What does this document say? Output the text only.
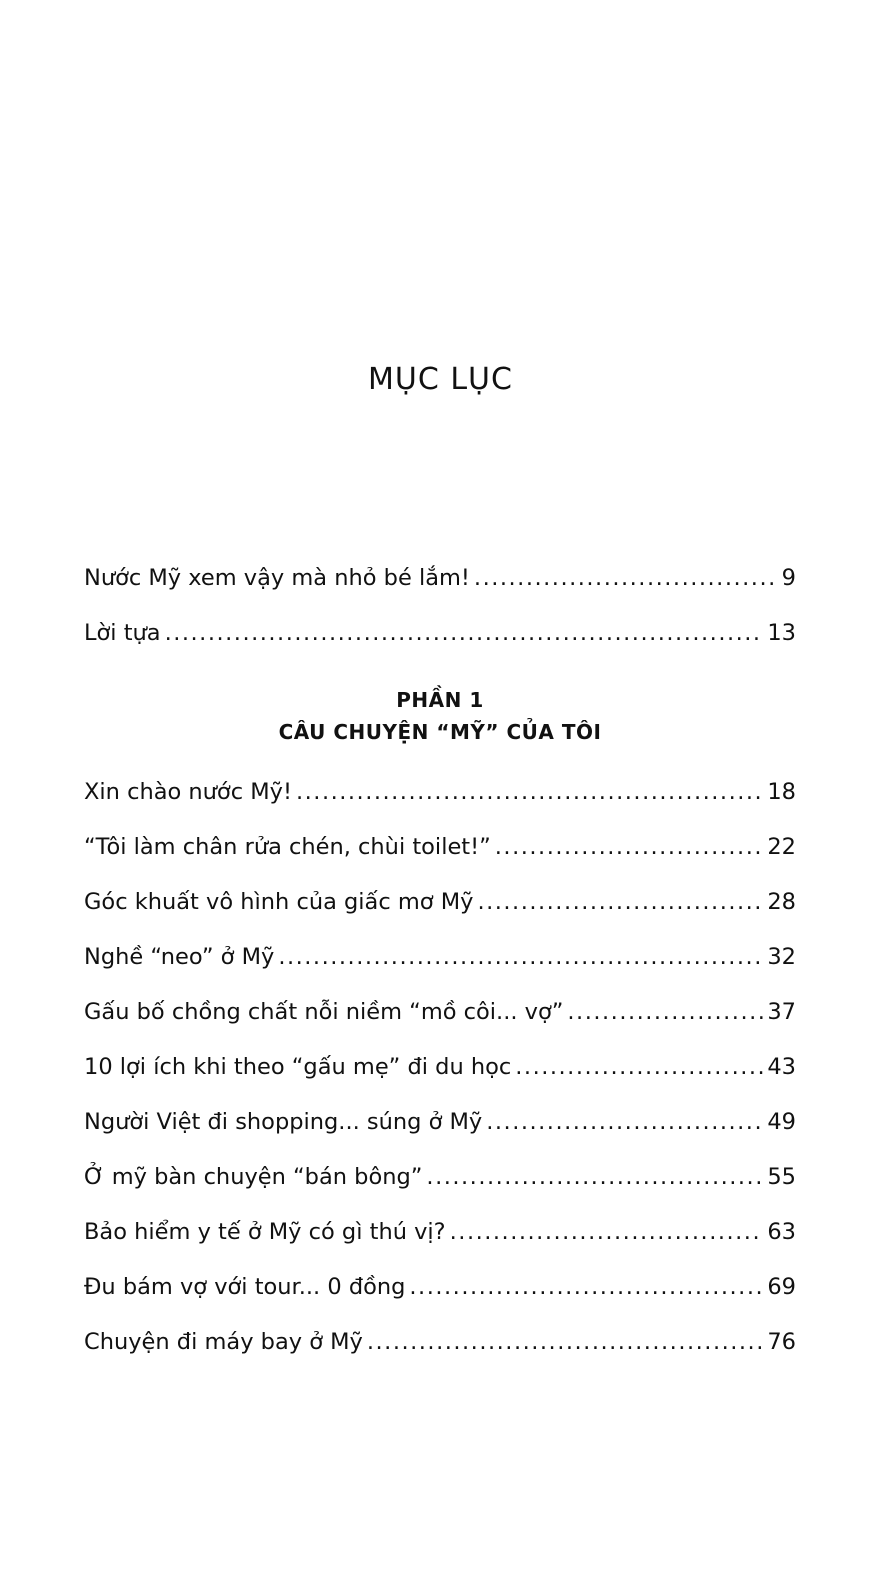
MỤC LỤC
Nước Mỹ xem vậy mà nhỏ bé lắm! .....	9
Lời tựa .....	13
PHẦN 1
CÂU CHUYỆN “MỸ” CỦA TÔI
Xin chào nước Mỹ! .....	18
“Tôi làm chân rửa chén, chùi toilet!” .....	22
Góc khuất vô hình của giấc mơ Mỹ .....	28
Nghề “neo” ở Mỹ .....	32
Gấu bố chồng chất nỗi niềm “mồ côi... vợ” .....	37
10 lợi ích khi theo “gấu mẹ” đi du học .....	43
Người Việt đi shopping... súng ở Mỹ .....	49
Ở mỹ bàn chuyện “bán bông” .....	55
Bảo hiểm y tế ở Mỹ có gì thú vị? .....	63
Đu bám vợ với tour... 0 đồng .....	69
Chuyện đi máy bay ở Mỹ .....	76
